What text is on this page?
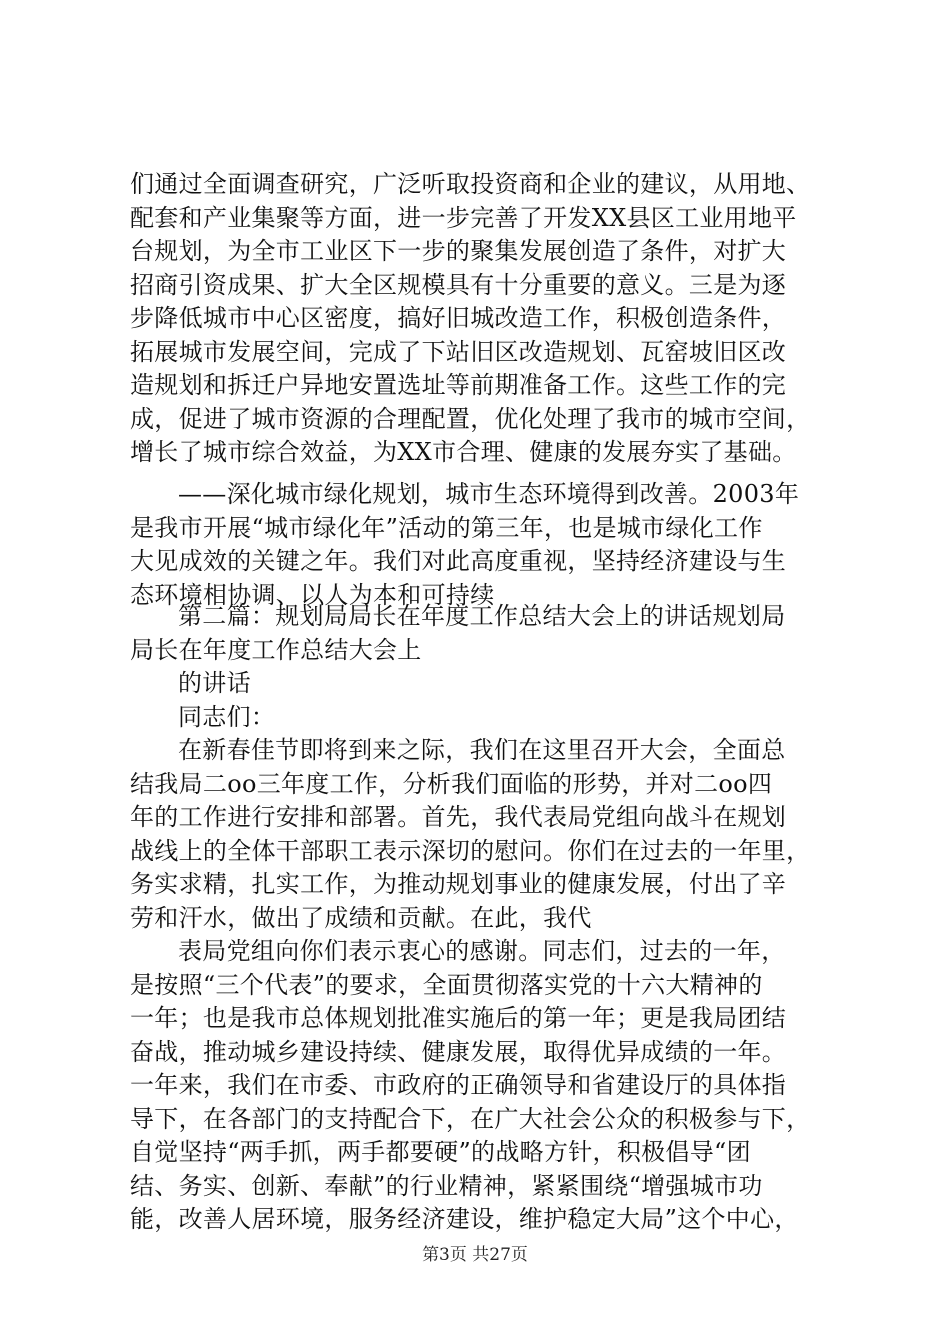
们通过全面调查研究，广泛听取投资商和企业的建议，从用地、
配套和产业集聚等方面，进一步完善了开发XX县区工业用地平
台规划，为全市工业区下一步的聚集发展创造了条件，对扩大
招商引资成果、扩大全区规模具有十分重要的意义。三是为逐
步降低城市中心区密度，搞好旧城改造工作，积极创造条件，
拓展城市发展空间，完成了下站旧区改造规划、瓦窑坡旧区改
造规划和拆迁户异地安置选址等前期准备工作。这些工作的完
成，促进了城市资源的合理配置，优化处理了我市的城市空间，
增长了城市综合效益，为XX市合理、健康的发展夯实了基础。
——深化城市绿化规划，城市生态环境得到改善。2003年
是我市开展“城市绿化年”活动的第三年，也是城市绿化工作
大见成效的关键之年。我们对此高度重视，坚持经济建设与生
态环境相协调、以人为本和可持续
第二篇：规划局局长在年度工作总结大会上的讲话规划局
局长在年度工作总结大会上
的讲话
同志们：
在新春佳节即将到来之际，我们在这里召开大会，全面总
结我局二oo三年度工作，分析我们面临的形势，并对二oo四
年的工作进行安排和部署。首先，我代表局党组向战斗在规划
战线上的全体干部职工表示深切的慰问。你们在过去的一年里，
务实求精，扎实工作，为推动规划事业的健康发展，付出了辛
劳和汗水，做出了成绩和贡献。在此，我代
表局党组向你们表示衷心的感谢。同志们，过去的一年，
是按照“三个代表”的要求，全面贯彻落实党的十六大精神的
一年；也是我市总体规划批准实施后的第一年；更是我局团结
奋战，推动城乡建设持续、健康发展，取得优异成绩的一年。
一年来，我们在市委、市政府的正确领导和省建设厅的具体指
导下，在各部门的支持配合下，在广大社会公众的积极参与下，
自觉坚持“两手抓，两手都要硬”的战略方针，积极倡导“团
结、务实、创新、奉献”的行业精神，紧紧围绕“增强城市功
能，改善人居环境，服务经济建设，维护稳定大局”这个中心，
第3页 共27页
